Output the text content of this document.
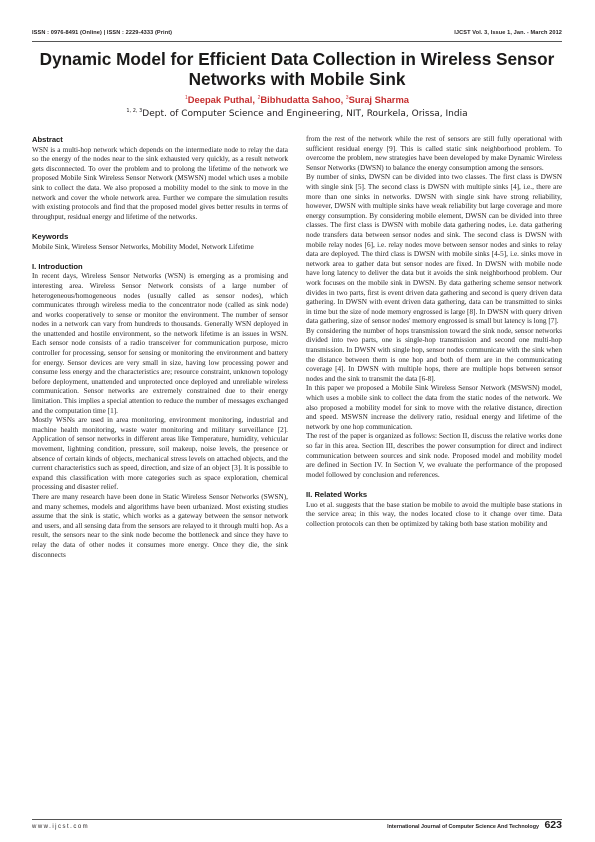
ISSN : 0976-8491 (Online) | ISSN : 2229-4333 (Print)	IJCST Vol. 3, Issue 1, Jan. - March 2012
Dynamic Model for Efficient Data Collection in Wireless Sensor Networks with Mobile Sink
$^1$Deepak Puthal, $^2$Bibhudatta Sahoo, $^3$Suraj Sharma
$^{1, 2, 3}$Dept. of Computer Science and Engineering, NIT, Rourkela, Orissa, India
Abstract

WSN is a multi-hop network which depends on the intermediate node to relay the data so the energy of the nodes near to the sink exhausted very quickly, as a result network gets disconnected. To over the problem and to prolong the lifetime of the network we proposed Mobile Sink Wireless Sensor Network (MSWSN) model which uses a mobile sink to collect the data. We also proposed a mobility model to the sink to move in the network and cover the whole network area. Further we compare the simulation results with existing protocols and find that the proposed model gives better results in terms of throughput, residual energy and lifetime of the networks.

Keywords

Mobile Sink, Wireless Sensor Networks, Mobility Model, Network Lifetime

I. Introduction

In recent days, Wireless Sensor Networks (WSN) is emerging as a promising and interesting area. Wireless Sensor Network consists of a large number of heterogeneous/homogeneous nodes (usually called as sensor nodes), which communicates through wireless media to the concentrator node (called as sink node) and works cooperatively to sense or monitor the environment. The number of sensor nodes in a network can vary from hundreds to thousands. Generally WSN deployed in the unattended and hostile environment, so the network lifetime is an issues in WSN. Each sensor node consists of a radio transceiver for communication purpose, micro controller for processing, sensor for sensing or monitoring the environment and battery for energy. Sensor devices are very small in size, having low processing power and consume less energy and the characteristics are; resource constraint, unknown topology before deployment, unattended and unprotected once deployed and unreliable wireless communication. Sensor networks are extremely constrained due to their energy limitation. This implies a special attention to reduce the number of messages exchanged and the computation time [1].

Mostly WSNs are used in area monitoring, environment monitoring, industrial and machine health monitoring, waste water monitoring and military surveillance [2]. Application of sensor networks in different areas like Temperature, humidity, vehicular movement, lightning condition, pressure, soil makeup, noise levels, the presence or absence of certain kinds of objects, mechanical stress levels on attached objects, and the current characteristics such as speed, direction, and size of an object [3]. It is possible to expand this classification with more categories such as space exploration, chemical processing and disaster relief.

There are many research have been done in Static Wireless Sensor Networks (SWSN), and many schemes, models and algorithms have been urbanized. Most existing studies assume that the sink is static, which works as a gateway between the sensor network and users, and all sensing data from the sensors are relayed to it through multi hop. As a result, the sensors near to the sink node become the bottleneck and since they have to relay the data of other nodes it consumes more energy. Once they die, the sink disconnects

from the rest of the network while the rest of sensors are still fully operational with sufficient residual energy [9]. This is called static sink neighborhood problem. To overcome the problem, new strategies have been developed by make Dynamic Wireless Sensor Networks (DWSN) to balance the energy consumption among the sensors.

By number of sinks, DWSN can be divided into two classes. The first class is DWSN with single sink [5]. The second class is DWSN with multiple sinks [4], i.e., there are more than one sinks in networks. DWSN with single sink have strong reliability, however, DWSN with multiple sinks have weak reliability but large coverage and more energy consumption. By considering mobile element, DWSN can be divided into three classes. The first class is DWSN with mobile data gathering nodes, i.e. data gathering node transfers data between sensor nodes and sink. The second class is DWSN with mobile relay nodes [6], i.e. relay nodes move between sensor nodes and sinks to relay data are deployed. The third class is DWSN with mobile sinks [4-5], i.e. sinks move in network area to gather data but sensor nodes are fixed. In DWSN with mobile node have long latency to deliver the data but it avoids the sink neighborhood problem. Our work focuses on the mobile sink in DWSN. By data gathering scheme sensor network divides in two parts, first is event driven data gathering and second is query driven data gathering. In DWSN with event driven data gathering, data can be transmitted to sinks in time but the size of node memory engrossed is large [8]. In DWSN with query driven data gathering, size of sensor nodes' memory engrossed is small but latency is long [7].

By considering the number of hops transmission toward the sink node, sensor networks divided into two parts, one is single-hop transmission and second one multi-hop transmission. In DWSN with single hop, sensor nodes communicate with the sink when the distance between them is one hop and both of them are in the communicating coverage [4]. In DWSN with multiple hops, there are multiple hops between sensor nodes and the sink to transmit the data [6-8].

In this paper we proposed a Mobile Sink Wireless Sensor Network (MSWSN) model, which uses a mobile sink to collect the data from the static nodes of the network. We also proposed a mobility model for sink to move with the relative distance, direction and speed. MSWSN increase the delivery ratio, residual energy and lifetime of the network by one hop communication.

The rest of the paper is organized as follows: Section II, discuss the relative works done so far in this area. Section III, describes the power consumption for direct and indirect communication between sources and sink node. Proposed model and mobility model are defined in Section IV. In Section V, we evaluate the performance of the proposed model followed by conclusion and references.

II. Related Works

Luo et al. suggests that the base station be mobile to avoid the multiple base stations in the service area; in this way, the nodes located close to it change over time. Data collection protocols can then be optimized by taking both base station mobility and

www.ijcst.com	International Journal of Computer Science And Technology 623
